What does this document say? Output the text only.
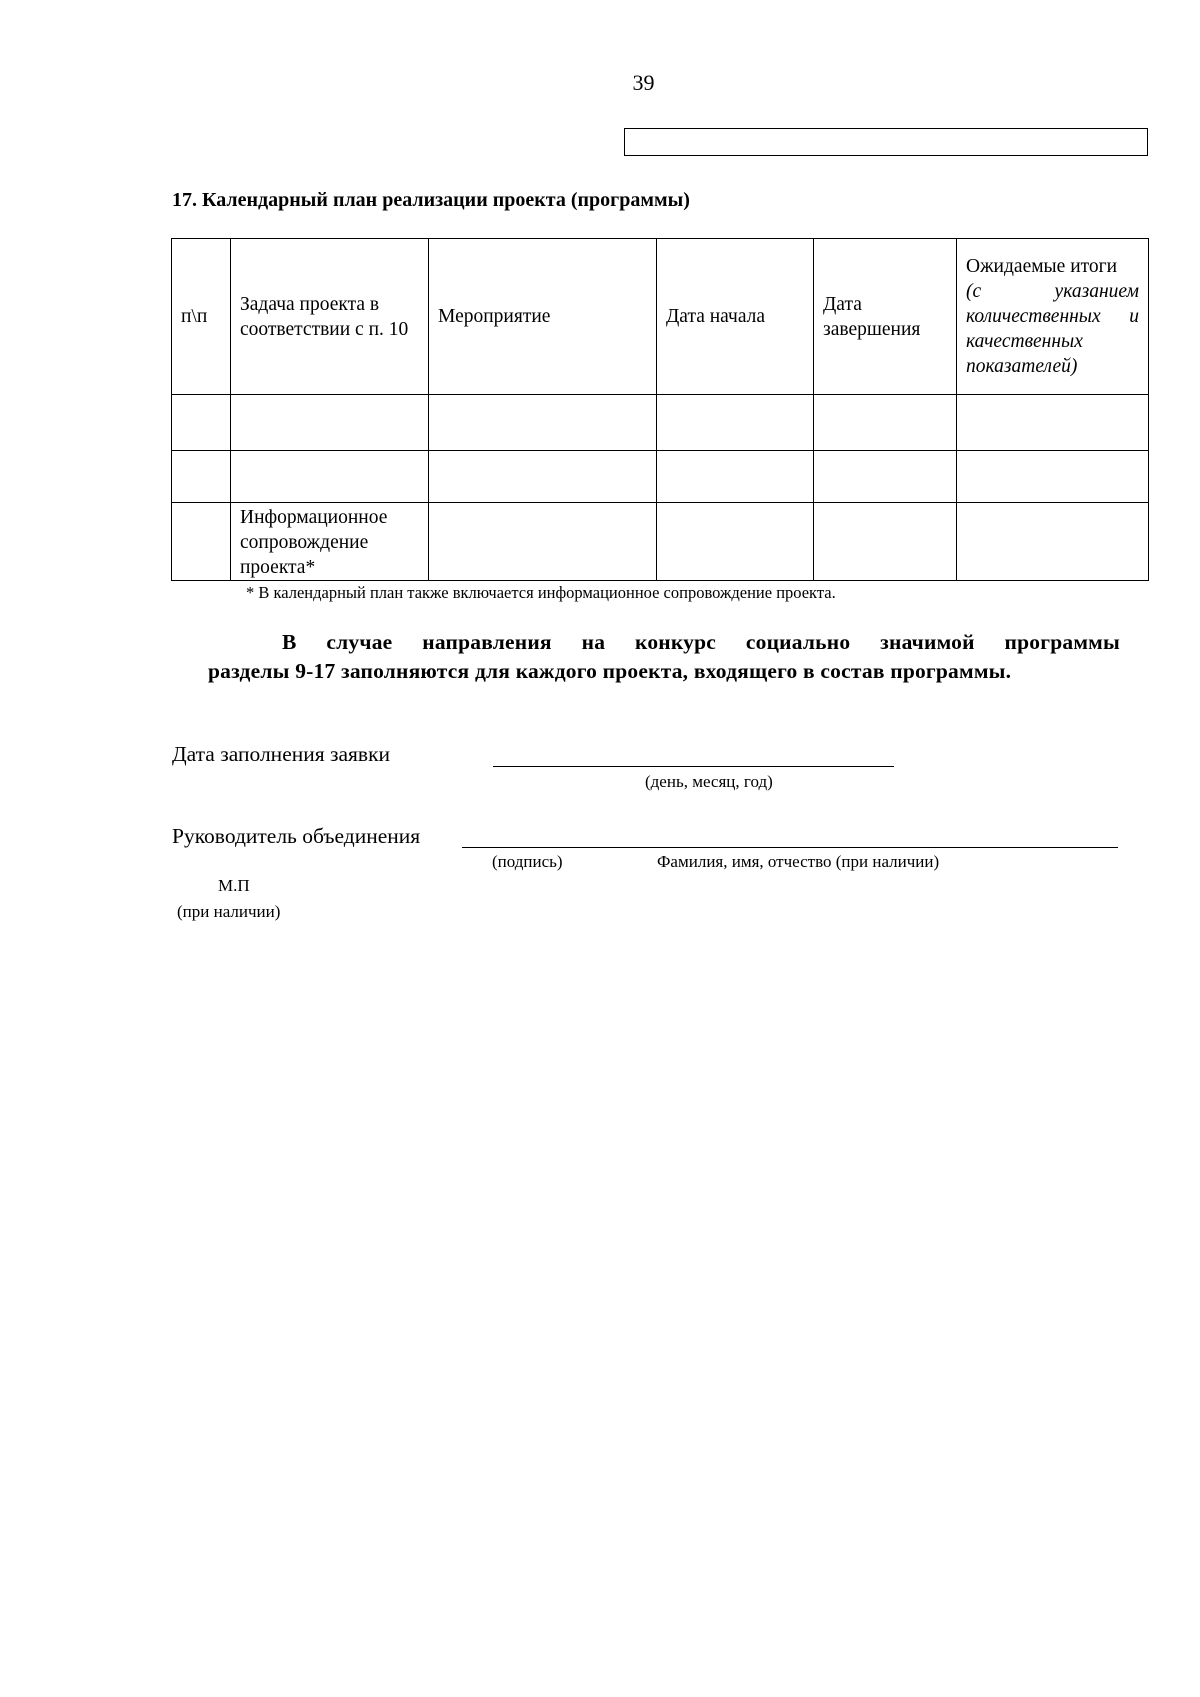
39
17. Календарный план реализации проекта (программы)
п\п	Задача проекта в соответствии с п. 10	Мероприятие	Дата начала	Дата завершения	Ожидаемые итоги
(с указанием количественных и качественных показателей)

	Информационное сопровождение проекта*				

* В календарный план также включается информационное сопровождение проекта.

В случае направления на конкурс социально значимой программы
разделы 9-17 заполняются для каждого проекта, входящего в состав программы.

Дата заполнения заявки
(день, месяц, год)
Руководитель объединения
(подпись)	Фамилия, имя, отчество (при наличии)
М.П
(при наличии)
